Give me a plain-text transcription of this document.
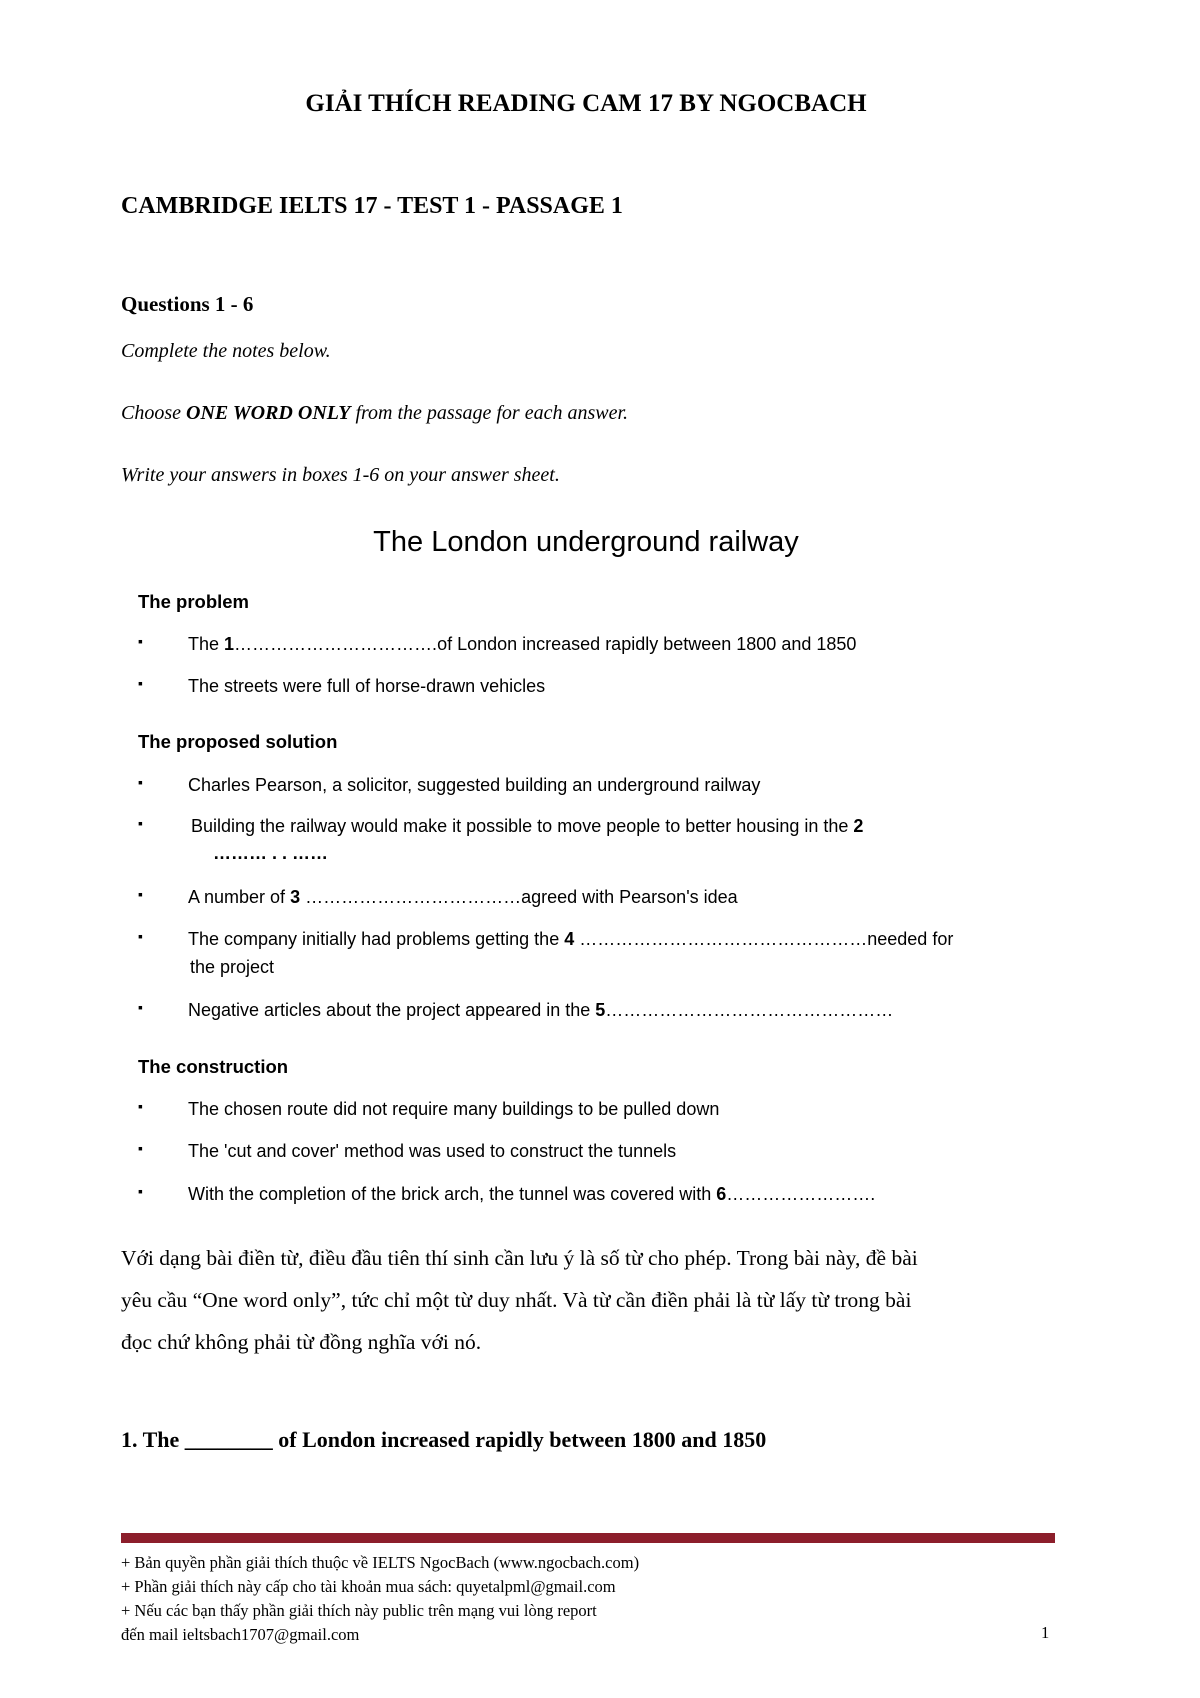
GIẢI THÍCH READING CAM 17 BY NGOCBACH
CAMBRIDGE IELTS 17 - TEST 1 - PASSAGE 1
Questions 1 - 6
Complete the notes below.
Choose ONE WORD ONLY from the passage for each answer.
Write your answers in boxes 1-6 on your answer sheet.
The London underground railway
The problem
▪	The 1…………………………….of London increased rapidly between 1800 and 1850
▪	The streets were full of horse-drawn vehicles
The proposed solution
▪	Charles Pearson, a solicitor, suggested building an underground railway
▪	Building the railway would make it possible to move people to better housing in the 2
……… . . ……
▪	A number of 3 ………………………………agreed with Pearson's idea
▪	The company initially had problems getting the 4 …………………………………………needed for
the project
▪	Negative articles about the project appeared in the 5…………………………………………
The construction
▪	The chosen route did not require many buildings to be pulled down
▪	The 'cut and cover' method was used to construct the tunnels
▪	With the completion of the brick arch, the tunnel was covered with 6…………………….
Với dạng bài điền từ, điều đầu tiên thí sinh cần lưu ý là số từ cho phép. Trong bài này, đề bài
yêu cầu “One word only”, tức chỉ một từ duy nhất. Và từ cần điền phải là từ lấy từ trong bài
đọc chứ không phải từ đồng nghĩa với nó.
1. The ________ of London increased rapidly between 1800 and 1850
+ Bản quyền phần giải thích thuộc về IELTS NgocBach (www.ngocbach.com)
+ Phần giải thích này cấp cho tài khoản mua sách: quyetalpml@gmail.com
+ Nếu các bạn thấy phần giải thích này public trên mạng vui lòng report
đến mail ieltsbach1707@gmail.com	1
